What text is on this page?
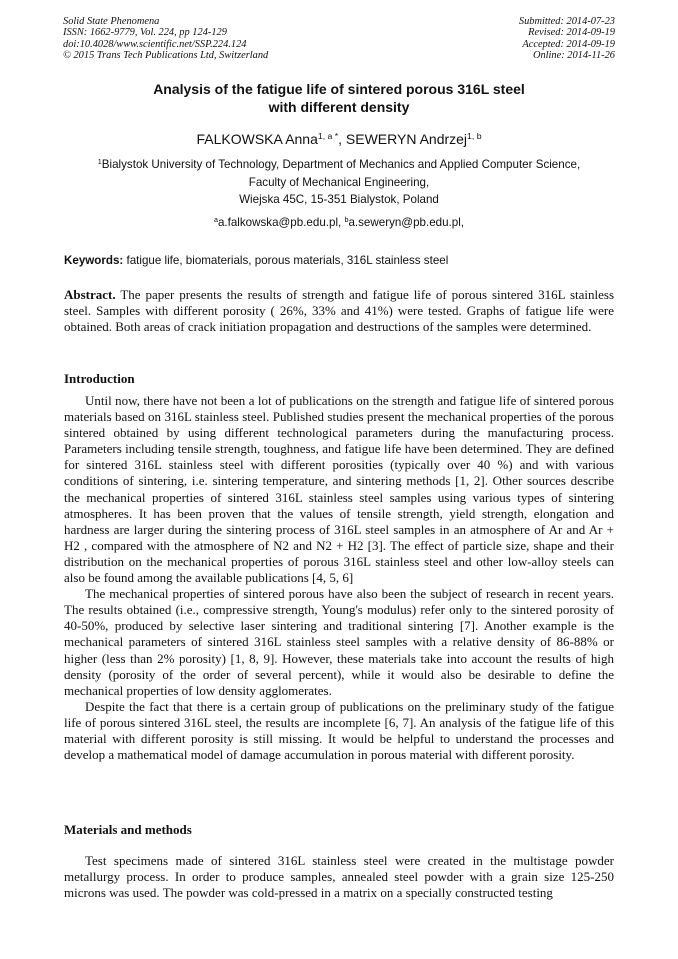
Solid State Phenomena
ISSN: 1662-9779, Vol. 224, pp 124-129
doi:10.4028/www.scientific.net/SSP.224.124
© 2015 Trans Tech Publications Ltd, Switzerland
Submitted: 2014-07-23
Revised: 2014-09-19
Accepted: 2014-09-19
Online: 2014-11-26
Analysis of the fatigue life of sintered porous 316L steel
with different density
FALKOWSKA Anna$^{1, a *}$, SEWERYN Andrzej$^{1, b}$
$^1$Bialystok University of Technology, Department of Mechanics and Applied Computer Science,
Faculty of Mechanical Engineering,
Wiejska 45C, 15-351 Bialystok, Poland
$^a$a.falkowska@pb.edu.pl, $^b$a.seweryn@pb.edu.pl,
Keywords: fatigue life, biomaterials, porous materials, 316L stainless steel
Abstract. The paper presents the results of strength and fatigue life of porous sintered 316L stainless steel. Samples with different porosity ( 26%, 33% and 41%) were tested. Graphs of fatigue life were obtained. Both areas of crack initiation propagation and destructions of the samples were determined.
Introduction

Until now, there have not been a lot of publications on the strength and fatigue life of sintered porous materials based on 316L stainless steel. Published studies present the mechanical properties of the porous sintered obtained by using different technological parameters during the manufacturing process. Parameters including tensile strength, toughness, and fatigue life have been determined. They are defined for sintered 316L stainless steel with different porosities (typically over 40 %) and with various conditions of sintering, i.e. sintering temperature, and sintering methods [1, 2]. Other sources describe the mechanical properties of sintered 316L stainless steel samples using various types of sintering atmospheres. It has been proven that the values of tensile strength, yield strength, elongation and hardness are larger during the sintering process of 316L steel samples in an atmosphere of Ar and Ar + H2 , compared with the atmosphere of N2 and N2 + H2 [3]. The effect of particle size, shape and their distribution on the mechanical properties of porous 316L stainless steel and other low-alloy steels can also be found among the available publications [4, 5, 6]

The mechanical properties of sintered porous have also been the subject of research in recent years. The results obtained (i.e., compressive strength, Young's modulus) refer only to the sintered porosity of 40-50%, produced by selective laser sintering and traditional sintering [7]. Another example is the mechanical parameters of sintered 316L stainless steel samples with a relative density of 86-88% or higher (less than 2% porosity) [1, 8, 9]. However, these materials take into account the results of high density (porosity of the order of several percent), while it would also be desirable to define the mechanical properties of low density agglomerates.

Despite the fact that there is a certain group of publications on the preliminary study of the fatigue life of porous sintered 316L steel, the results are incomplete [6, 7]. An analysis of the fatigue life of this material with different porosity is still missing. It would be helpful to understand the processes and develop a mathematical model of damage accumulation in porous material with different porosity.

Materials and methods

Test specimens made of sintered 316L stainless steel were created in the multistage powder metallurgy process. In order to produce samples, annealed steel powder with a grain size 125-250 microns was used. The powder was cold-pressed in a matrix on a specially constructed testing
